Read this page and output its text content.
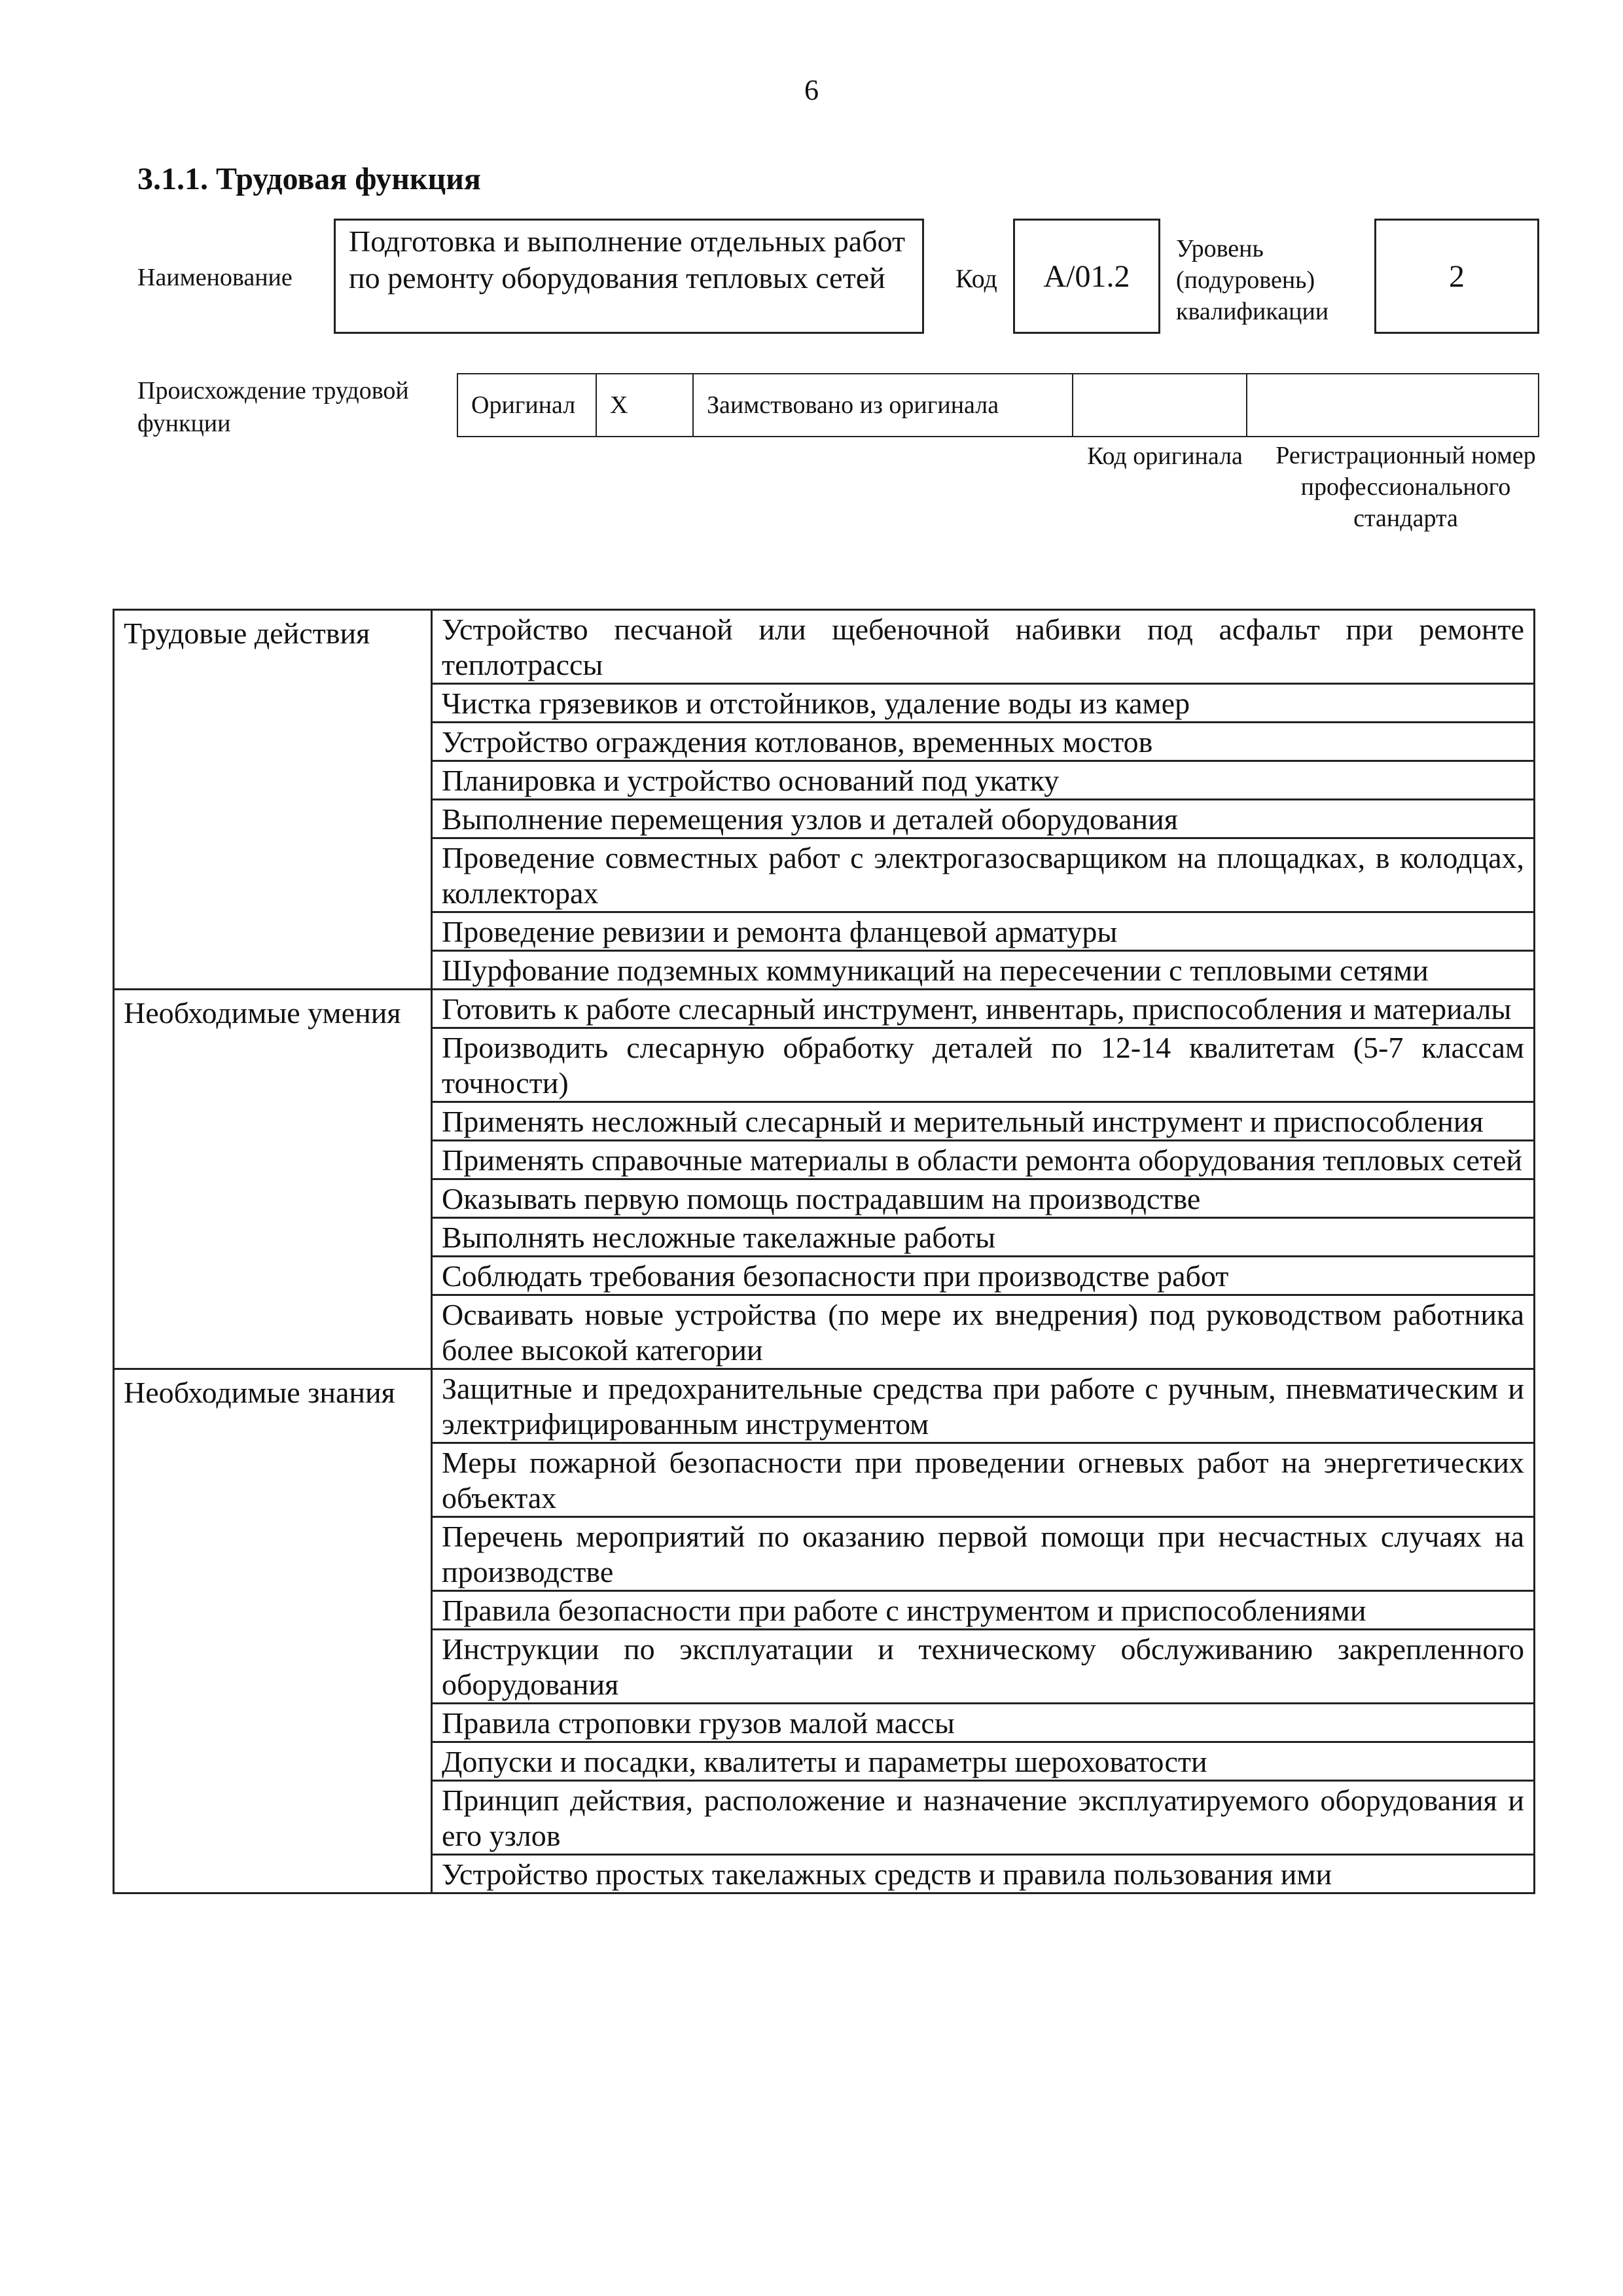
6
3.1.1. Трудовая функция
Наименование
Подготовка и выполнение отдельных работ по ремонту оборудования тепловых сетей	Код	А/01.2
Уровень (подуровень) квалификации
2
Происхождение трудовой функции
Оригинал	Х	Заимствовано из оригинала		
Код оригинала	Регистрационный номер профессионального стандарта
Трудовые действия	Устройство песчаной или щебеночной набивки под асфальт при ремонте теплотрассы
	Чистка грязевиков и отстойников, удаление воды из камер
	Устройство ограждения котлованов, временных мостов
	Планировка и устройство оснований под укатку
	Выполнение перемещения узлов и деталей оборудования
	Проведение совместных работ с электрогазосварщиком на площадках, в колодцах, коллекторах
	Проведение ревизии и ремонта фланцевой арматуры
	Шурфование подземных коммуникаций на пересечении с тепловыми сетями
Необходимые умения	Готовить к работе слесарный инструмент, инвентарь, приспособления и материалы
	Производить слесарную обработку деталей по 12-14 квалитетам (5-7 классам точности)
	Применять несложный слесарный и мерительный инструмент и приспособления
	Применять справочные материалы в области ремонта оборудования тепловых сетей
	Оказывать первую помощь пострадавшим на производстве
	Выполнять несложные такелажные работы
	Соблюдать требования безопасности при производстве работ
	Осваивать новые устройства (по мере их внедрения) под руководством работника более высокой категории
Необходимые знания	Защитные и предохранительные средства при работе с ручным, пневматическим и электрифицированным инструментом
	Меры пожарной безопасности при проведении огневых работ на энергетических объектах
	Перечень мероприятий по оказанию первой помощи при несчастных случаях на производстве
	Правила безопасности при работе с инструментом и приспособлениями
	Инструкции по эксплуатации и техническому обслуживанию закрепленного оборудования
	Правила строповки грузов малой массы
	Допуски и посадки, квалитеты и параметры шероховатости
	Принцип действия, расположение и назначение эксплуатируемого оборудования и его узлов
	Устройство простых такелажных средств и правила пользования ими
